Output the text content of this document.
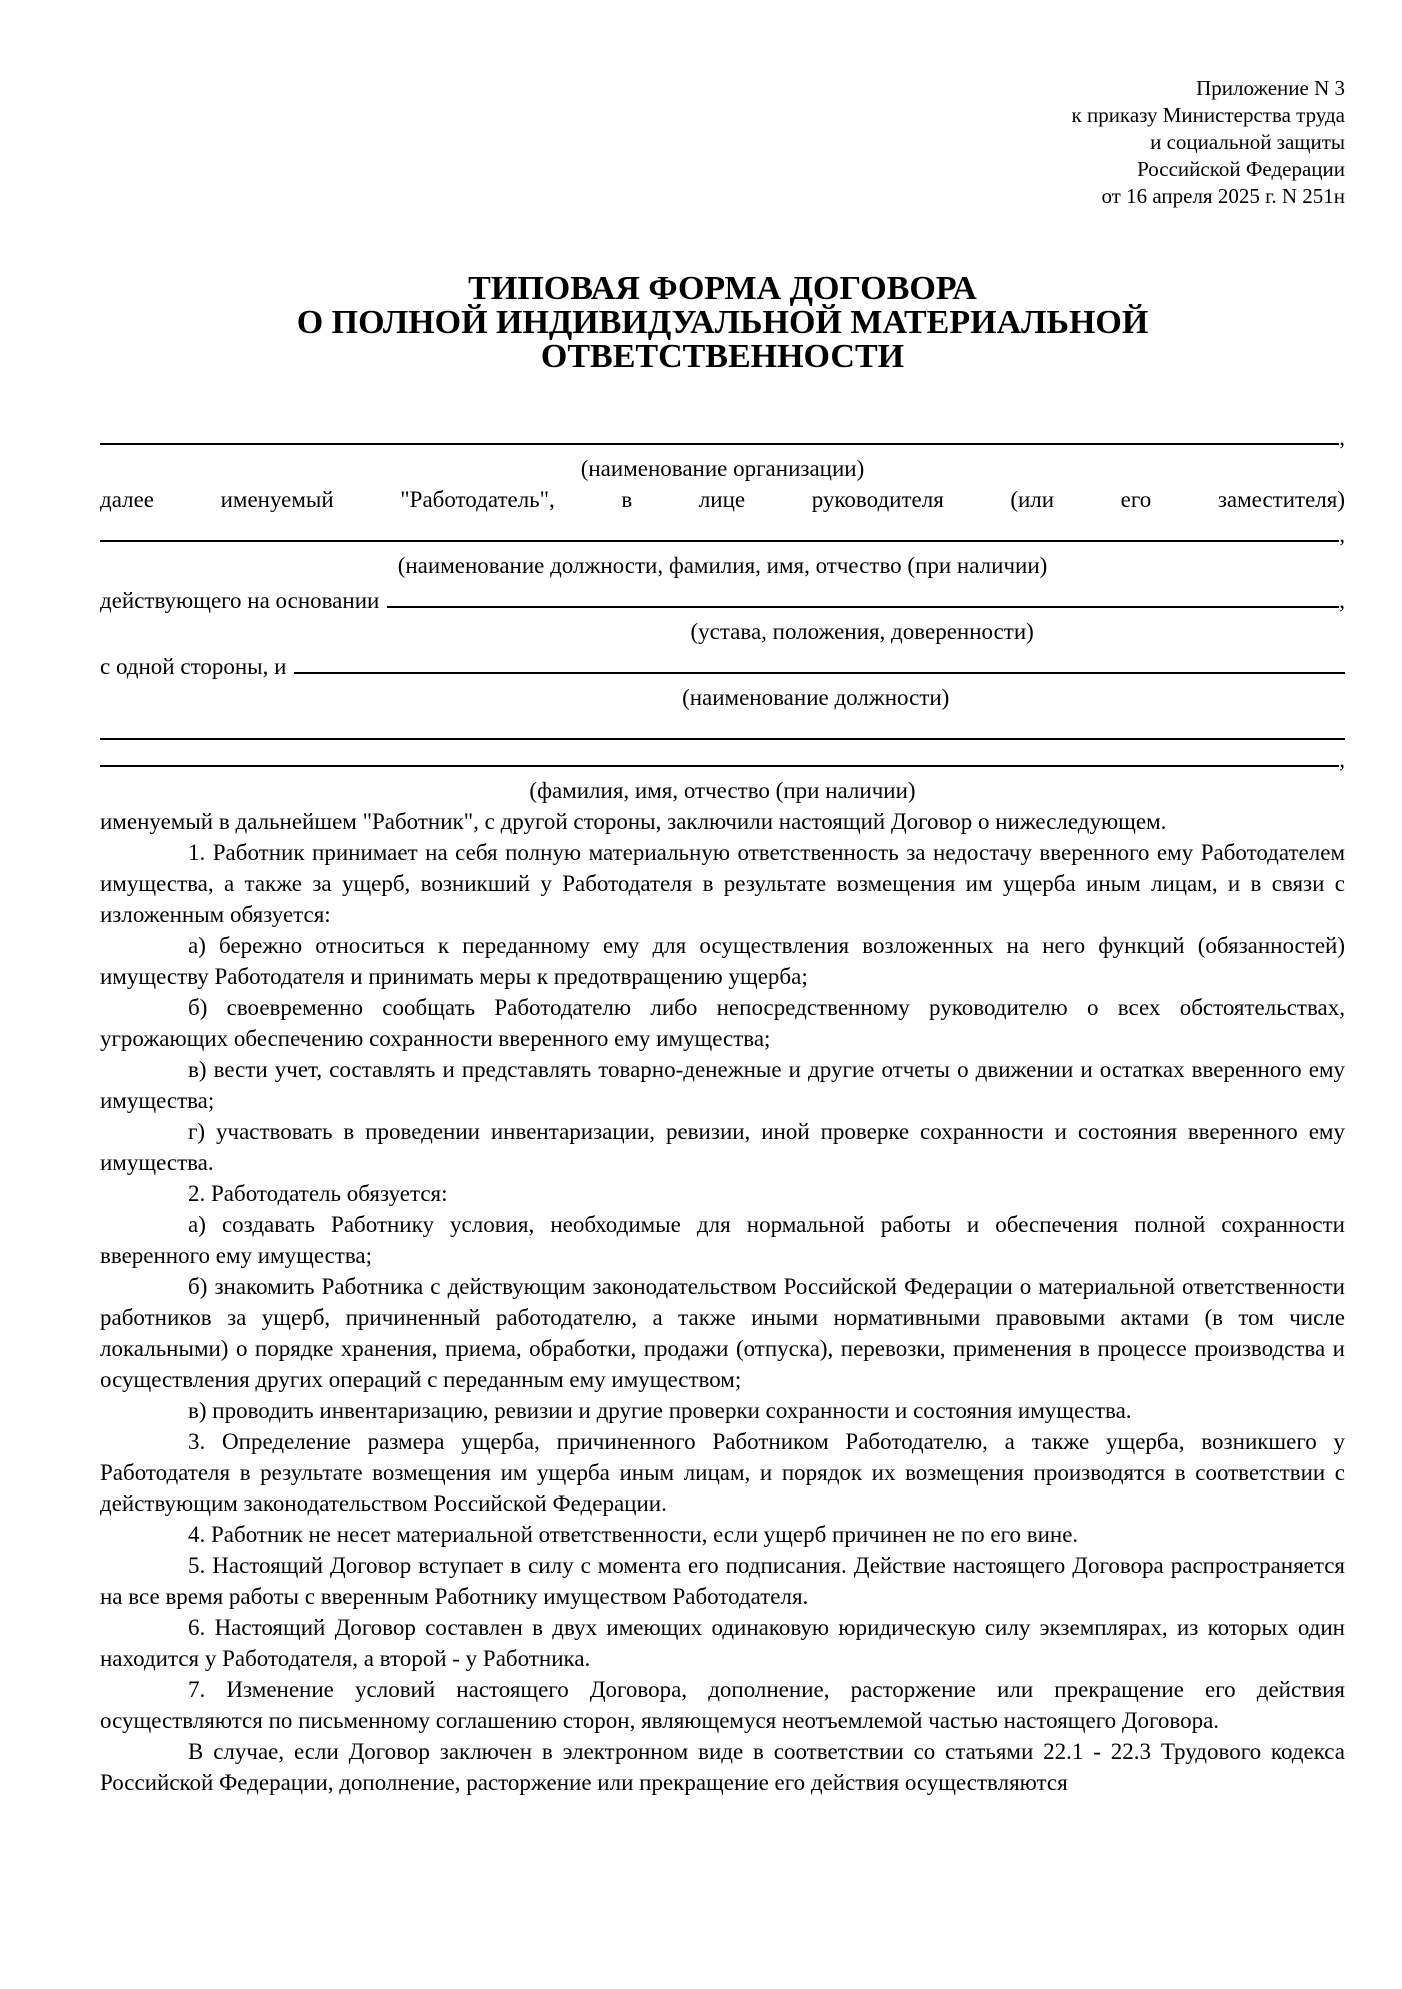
Приложение N 3
к приказу Министерства труда
и социальной защиты
Российской Федерации
от 16 апреля 2025 г. N 251н
ТИПОВАЯ ФОРМА ДОГОВОРА
О ПОЛНОЙ ИНДИВИДУАЛЬНОЙ МАТЕРИАЛЬНОЙ
ОТВЕТСТВЕННОСТИ
,
(наименование организации)
далее именуемый "Работодатель", в лице руководителя (или его заместителя)
,
(наименование должности, фамилия, имя, отчество (при наличии)
действующего на основании	,
(устава, положения, доверенности)
с одной стороны, и
(наименование должности)
,
(фамилия, имя, отчество (при наличии)

именуемый в дальнейшем "Работник", с другой стороны, заключили настоящий Договор о нижеследующем.

1. Работник принимает на себя полную материальную ответственность за недостачу вверенного ему Работодателем имущества, а также за ущерб, возникший у Работодателя в результате возмещения им ущерба иным лицам, и в связи с изложенным обязуется:

а) бережно относиться к переданному ему для осуществления возложенных на него функций (обязанностей) имуществу Работодателя и принимать меры к предотвращению ущерба;

б) своевременно сообщать Работодателю либо непосредственному руководителю о всех обстоятельствах, угрожающих обеспечению сохранности вверенного ему имущества;

в) вести учет, составлять и представлять товарно-денежные и другие отчеты о движении и остатках вверенного ему имущества;

г) участвовать в проведении инвентаризации, ревизии, иной проверке сохранности и состояния вверенного ему имущества.

2. Работодатель обязуется:

а) создавать Работнику условия, необходимые для нормальной работы и обеспечения полной сохранности вверенного ему имущества;

б) знакомить Работника с действующим законодательством Российской Федерации о материальной ответственности работников за ущерб, причиненный работодателю, а также иными нормативными правовыми актами (в том числе локальными) о порядке хранения, приема, обработки, продажи (отпуска), перевозки, применения в процессе производства и осуществления других операций с переданным ему имуществом;

в) проводить инвентаризацию, ревизии и другие проверки сохранности и состояния имущества.

3. Определение размера ущерба, причиненного Работником Работодателю, а также ущерба, возникшего у Работодателя в результате возмещения им ущерба иным лицам, и порядок их возмещения производятся в соответствии с действующим законодательством Российской Федерации.

4. Работник не несет материальной ответственности, если ущерб причинен не по его вине.

5. Настоящий Договор вступает в силу с момента его подписания. Действие настоящего Договора распространяется на все время работы с вверенным Работнику имуществом Работодателя.

6. Настоящий Договор составлен в двух имеющих одинаковую юридическую силу экземплярах, из которых один находится у Работодателя, а второй - у Работника.

7. Изменение условий настоящего Договора, дополнение, расторжение или прекращение его действия осуществляются по письменному соглашению сторон, являющемуся неотъемлемой частью настоящего Договора.

В случае, если Договор заключен в электронном виде в соответствии со статьями 22.1 - 22.3 Трудового кодекса Российской Федерации, дополнение, расторжение или прекращение его действия осуществляются
